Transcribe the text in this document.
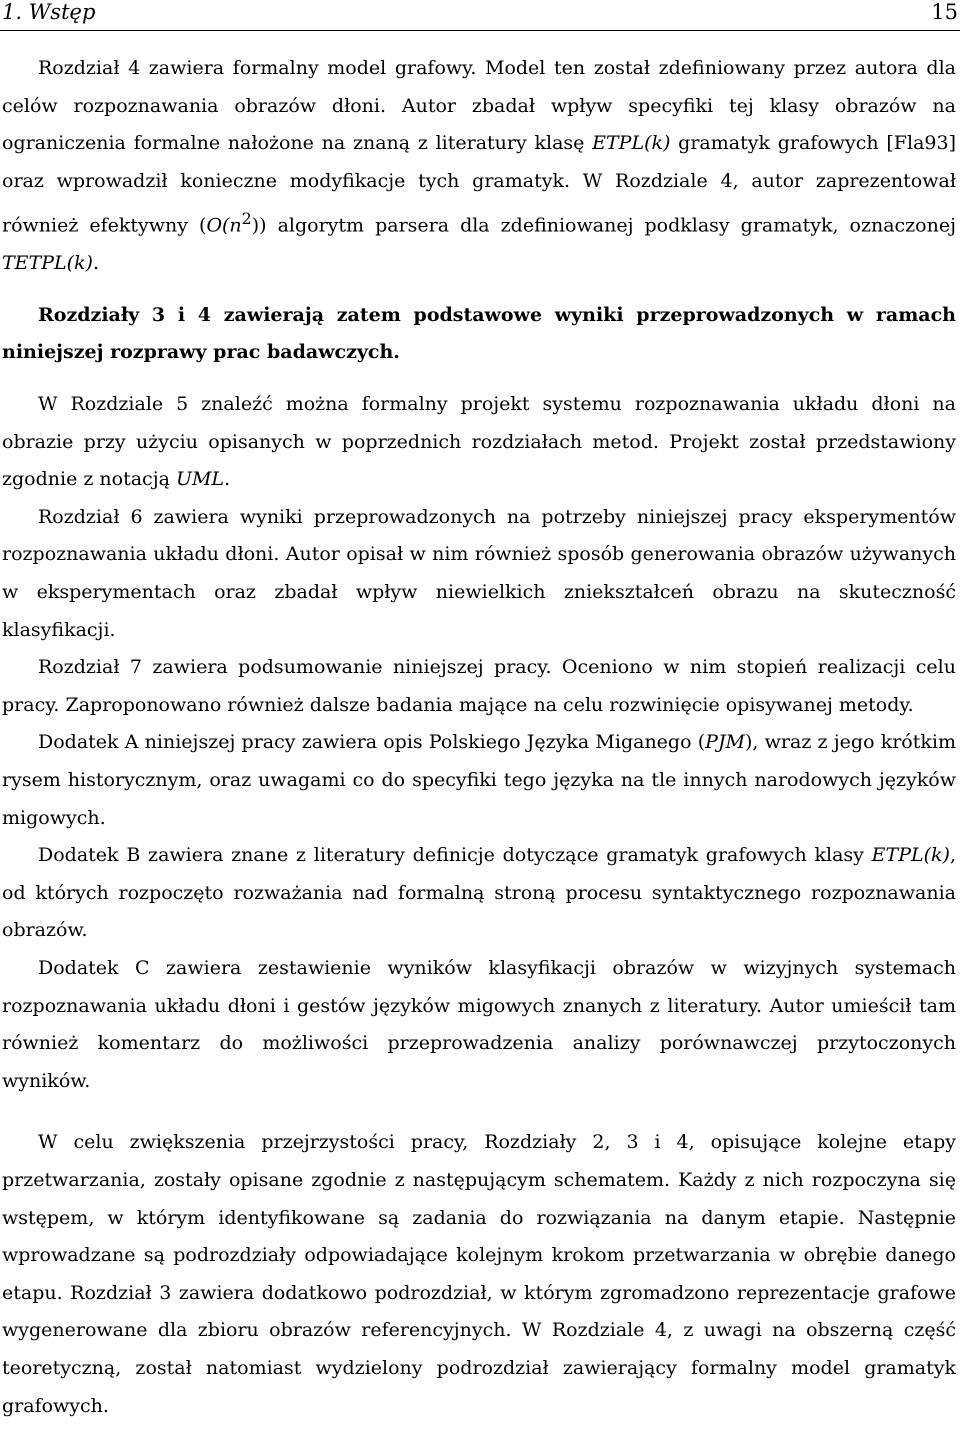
1. Wstęp	15

Rozdział 4 zawiera formalny model grafowy. Model ten został zdefiniowany przez autora dla celów rozpoznawania obrazów dłoni. Autor zbadał wpływ specyfiki tej klasy obrazów na ograniczenia formalne nałożone na znaną z literatury klasę ETPL(k) gramatyk grafowych [Fla93] oraz wprowadził konieczne modyfikacje tych gramatyk. W Rozdziale 4, autor zaprezentował również efektywny $(O(n^2))$ algorytm parsera dla zdefiniowanej podklasy gramatyk, oznaczonej TETPL(k).

Rozdziały 3 i 4 zawierają zatem podstawowe wyniki przeprowadzonych w ramach niniejszej rozprawy prac badawczych.

W Rozdziale 5 znaleźć można formalny projekt systemu rozpoznawania układu dłoni na obrazie przy użyciu opisanych w poprzednich rozdziałach metod. Projekt został przedstawiony zgodnie z notacją UML.

Rozdział 6 zawiera wyniki przeprowadzonych na potrzeby niniejszej pracy eksperymentów rozpoznawania układu dłoni. Autor opisał w nim również sposób generowania obrazów używanych w eksperymentach oraz zbadał wpływ niewielkich zniekształceń obrazu na skuteczność klasyfikacji.

Rozdział 7 zawiera podsumowanie niniejszej pracy. Oceniono w nim stopień realizacji celu pracy. Zaproponowano również dalsze badania mające na celu rozwinięcie opisywanej metody.

Dodatek A niniejszej pracy zawiera opis Polskiego Języka Miganego (PJM), wraz z jego krótkim rysem historycznym, oraz uwagami co do specyfiki tego języka na tle innych narodowych języków migowych.

Dodatek B zawiera znane z literatury definicje dotyczące gramatyk grafowych klasy ETPL(k), od których rozpoczęto rozważania nad formalną stroną procesu syntaktycznego rozpoznawania obrazów.

Dodatek C zawiera zestawienie wyników klasyfikacji obrazów w wizyjnych systemach rozpoznawania układu dłoni i gestów języków migowych znanych z literatury. Autor umieścił tam również komentarz do możliwości przeprowadzenia analizy porównawczej przytoczonych wyników.

W celu zwiększenia przejrzystości pracy, Rozdziały 2, 3 i 4, opisujące kolejne etapy przetwarzania, zostały opisane zgodnie z następującym schematem. Każdy z nich rozpoczyna się wstępem, w którym identyfikowane są zadania do rozwiązania na danym etapie. Następnie wprowadzane są podrozdziały odpowiadające kolejnym krokom przetwarzania w obrębie danego etapu. Rozdział 3 zawiera dodatkowo podrozdział, w którym zgromadzono reprezentacje grafowe wygenerowane dla zbioru obrazów referencyjnych. W Rozdziale 4, z uwagi na obszerną część teoretyczną, został natomiast wydzielony podrozdział zawierający formalny model gramatyk grafowych.
